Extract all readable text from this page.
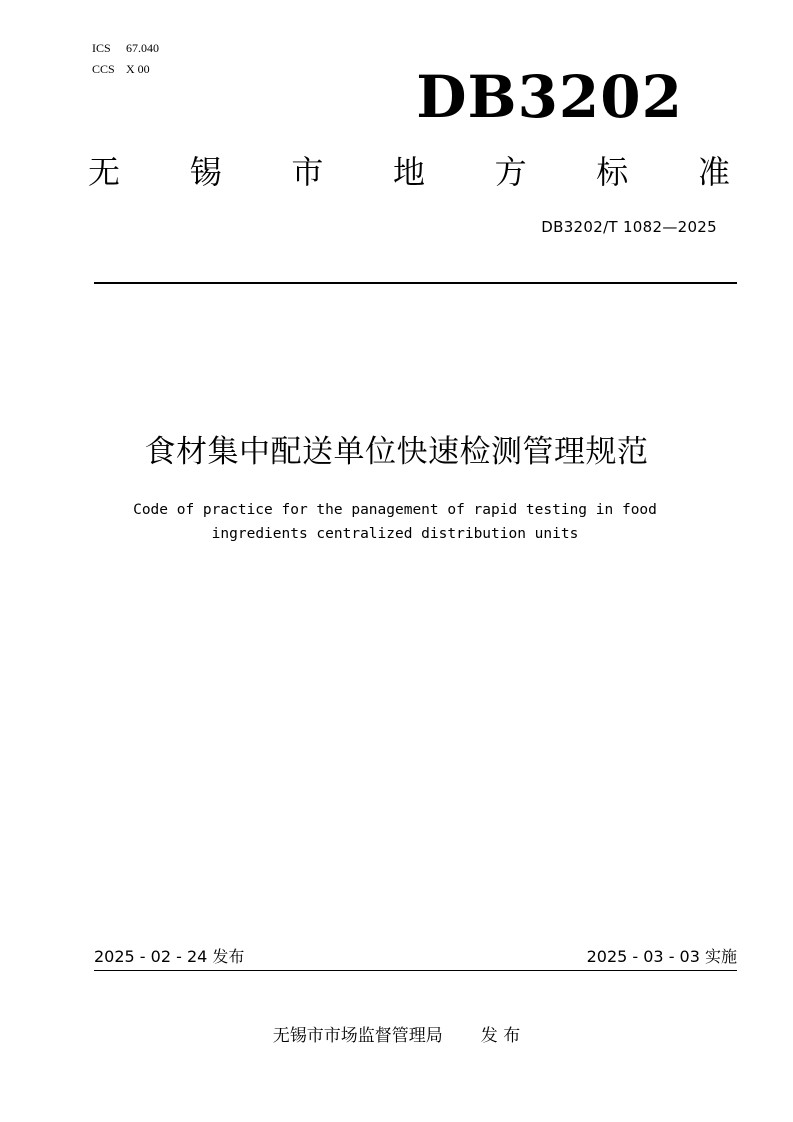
ICS 67.040
CCS X 00	DB3202
无 锡 市 地 方 标 准
DB3202/T 1082—2025
食材集中配送单位快速检测管理规范
Code of practice for the panagement of rapid testing in food
ingredients centralized distribution units
2025 - 02 - 24 发布	2025 - 03 - 03 实施
无锡市市场监督管理局 发 布
